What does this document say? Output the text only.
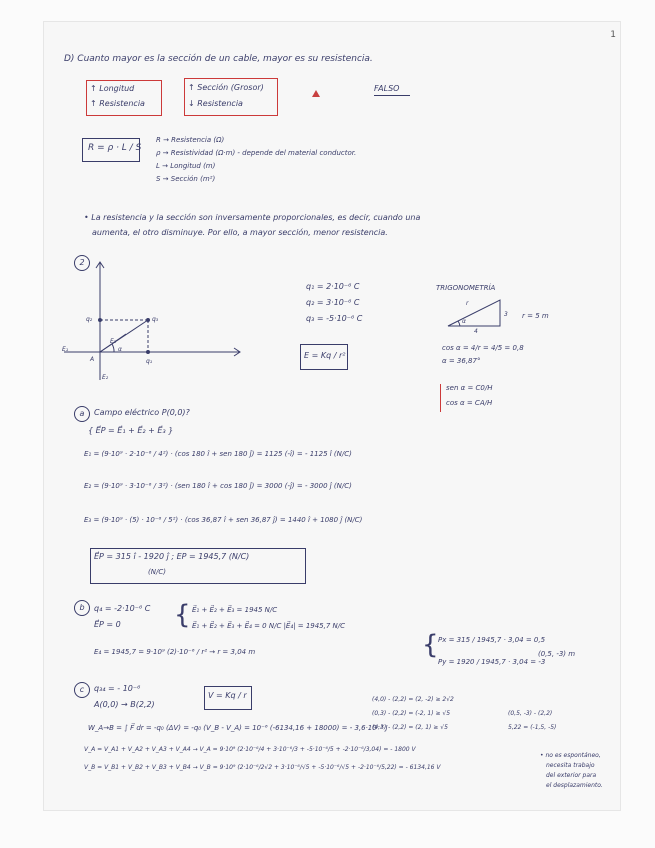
1
D) Cuanto mayor es la sección de un cable, mayor es su resistencia.
↑ Longitud
↑ Resistencia
↑ Sección (Grosor)
↓ Resistencia
FALSO
R = ρ · L / S
R → Resistencia (Ω)
ρ → Resistividad (Ω·m) - depende del material conductor.
L → Longitud (m)
S → Sección (m²)
• La resistencia y la sección son inversamente proporcionales, es decir, cuando una
aumenta, el otro disminuye. Por ello, a mayor sección, menor resistencia.
2
q₂	q₃
q₁
E₁
E₂
E₃
A
α
q₁ = 2·10⁻⁶ C
q₂ = 3·10⁻⁶ C
q₃ = -5·10⁻⁶ C
E = Kq / r²
TRIGONOMETRÍA
r
3
4
α
r = 5 m
cos α = 4/r = 4/5 = 0,8
α = 36,87°
sen α = C0/H
cos α = CA/H
a	Campo eléctrico P(0,0)?
{ E⃗P = E⃗₁ + E⃗₂ + E⃗₃ }
E₁ = (9·10⁹ · 2·10⁻⁶ / 4²) · (cos 180 î + sen 180 ĵ) = 1125 (-î) = - 1125 î (N/C)
E₂ = (9·10⁹ · 3·10⁻⁶ / 3²) · (sen 180 î + cos 180 ĵ) = 3000 (-ĵ) = - 3000 ĵ (N/C)
E₃ = (9·10⁹ · (5) · 10⁻⁶ / 5²) · (cos 36,87 î + sen 36,87 ĵ) = 1440 î + 1080 ĵ (N/C)
E⃗P = 315 î - 1920 ĵ ; EP = 1945,7 (N/C)
(N/C)
b	q₄ = -2·10⁻⁶ C
E⃗P = 0 { E⃗₁ + E⃗₂ + E⃗₃ = 1945 N/C
E⃗₁ + E⃗₂ + E⃗₃ + E⃗₄ = 0 N/C |E⃗₄| = 1945,7 N/C
E₄ = 1945,7 = 9·10⁹ (2)·10⁻⁶ / r² → r = 3,04 m	{ Px = 315 / 1945,7 · 3,04 = 0,5
Py = 1920 / 1945,7 · 3,04 = -3
(0,5, -3) m
c	q₃₄ = - 10⁻⁶
A(0,0) → B(2,2)
V = Kq / r	(4,0) - (2,2) = (2, -2) ≥ 2√2
(0,3) - (2,2) = (-2, 1) ≥ √5
(4,3) - (2,2) = (2, 1) ≥ √5
(0,5, -3) - (2,2)
5,22 = (-1,5, -5)
W_A→B = ∫ F⃗ dr = -q₀ (ΔV) = -q₀ (V_B - V_A) = 10⁻⁶ (-6134,16 + 18000) = - 3,6·10⁻³ J
V_A = V_A1 + V_A2 + V_A3 + V_A4 → V_A = 9·10⁹ (2·10⁻⁶/4 + 3·10⁻⁶/3 + -5·10⁻⁶/5 + -2·10⁻⁶/3,04) = - 1800 V
V_B = V_B1 + V_B2 + V_B3 + V_B4 → V_B = 9·10⁹ (2·10⁻⁶/2√2 + 3·10⁻⁶/√5 + -5·10⁻⁶/√5 + -2·10⁻⁶/5,22) = - 6134,16 V
• no es espontáneo,
necesita trabajo
del exterior para
el desplazamiento.
